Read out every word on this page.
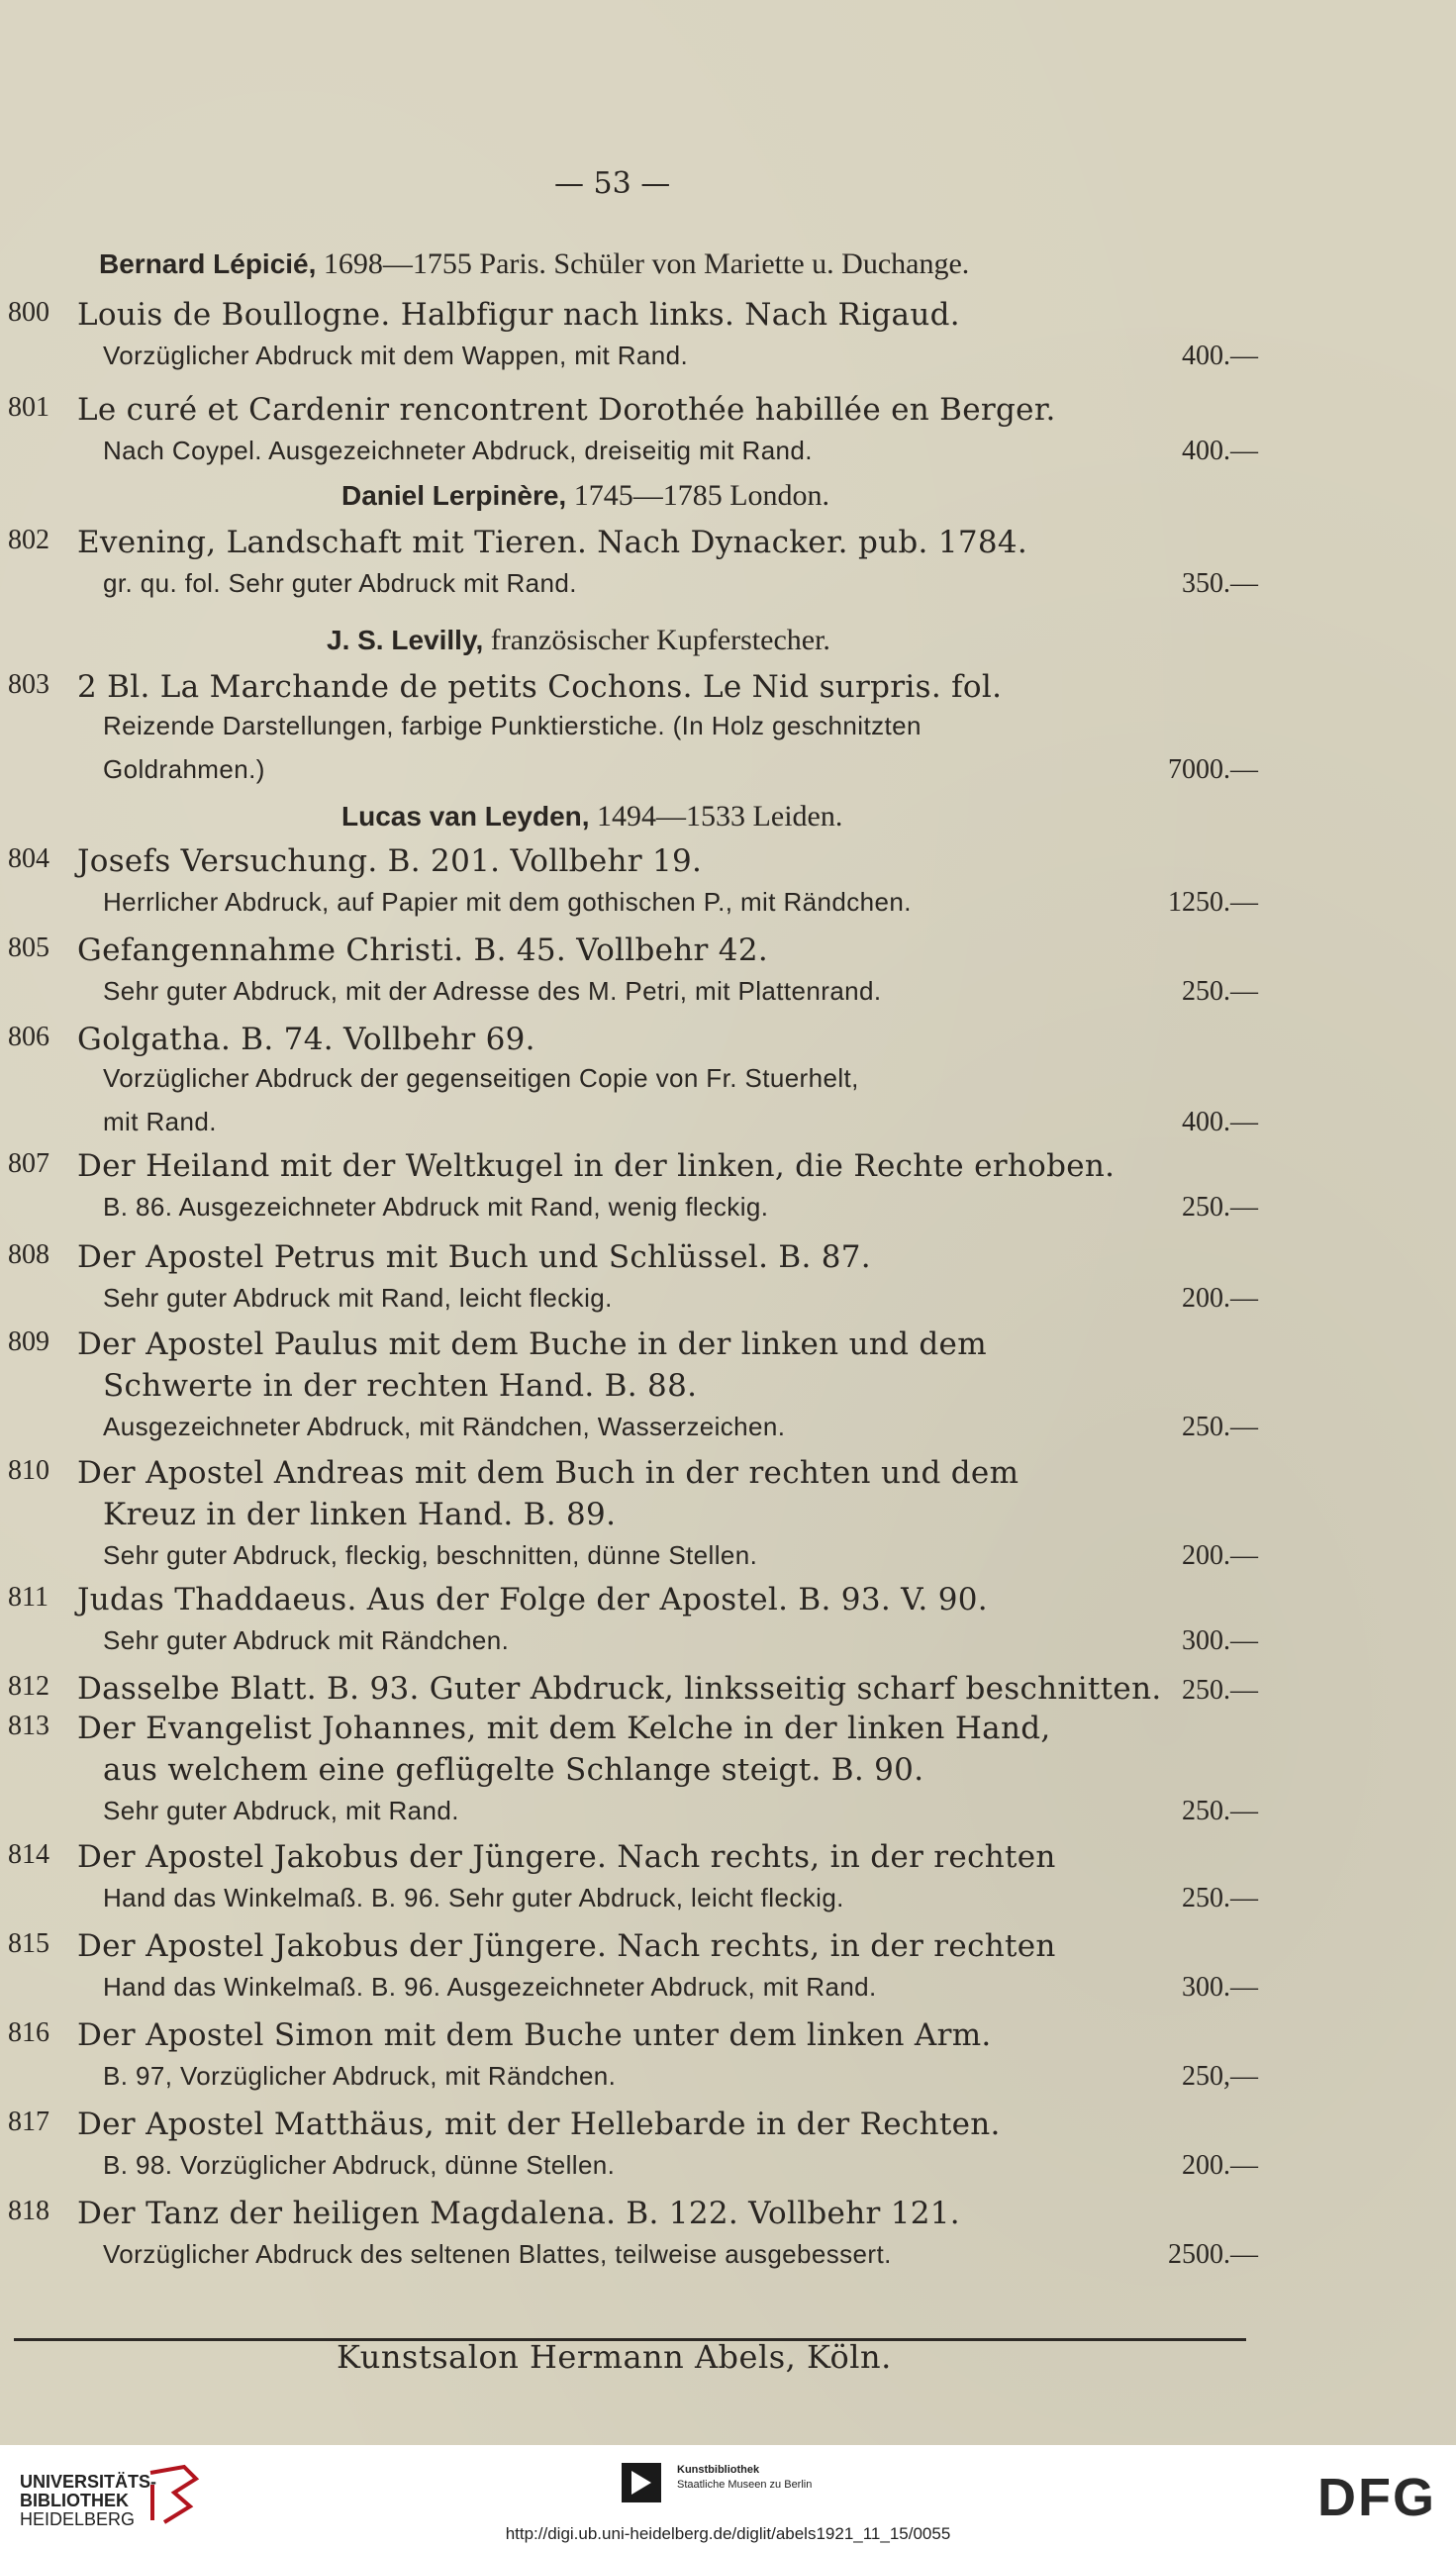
— 53 —
Bernard Lépicié, 1698—1755 Paris. Schüler von Mariette u. Duchange.
Daniel Lerpinère, 1745—1785 London.
J. S. Levilly, französischer Kupferstecher.
Lucas van Leyden, 1494—1533 Leiden.
800 Louis de Boullogne. Halbfigur nach links. Nach Rigaud.
Vorzüglicher Abdruck mit dem Wappen, mit Rand.	400.—
801 Le curé et Cardenir rencontrent Dorothée habillée en Berger.
Nach Coypel. Ausgezeichneter Abdruck, dreiseitig mit Rand.	400.—
802 Evening, Landschaft mit Tieren. Nach Dynacker. pub. 1784.
gr. qu. fol. Sehr guter Abdruck mit Rand.	350.—
803 2 Bl. La Marchande de petits Cochons. Le Nid surpris. fol.
Reizende Darstellungen, farbige Punktierstiche. (In Holz geschnitzten
Goldrahmen.)	7000.—
804 Josefs Versuchung. B. 201. Vollbehr 19.
Herrlicher Abdruck, auf Papier mit dem gothischen P., mit Rändchen.	1250.—
805 Gefangennahme Christi. B. 45. Vollbehr 42.
Sehr guter Abdruck, mit der Adresse des M. Petri, mit Plattenrand.	250.—
806 Golgatha. B. 74. Vollbehr 69.
Vorzüglicher Abdruck der gegenseitigen Copie von Fr. Stuerhelt,
mit Rand.	400.—
807 Der Heiland mit der Weltkugel in der linken, die Rechte erhoben.
B. 86. Ausgezeichneter Abdruck mit Rand, wenig fleckig.	250.—
808 Der Apostel Petrus mit Buch und Schlüssel. B. 87.
Sehr guter Abdruck mit Rand, leicht fleckig.	200.—
809 Der Apostel Paulus mit dem Buche in der linken und dem
Schwerte in der rechten Hand. B. 88.
Ausgezeichneter Abdruck, mit Rändchen, Wasserzeichen.	250.—
810 Der Apostel Andreas mit dem Buch in der rechten und dem
Kreuz in der linken Hand. B. 89.
Sehr guter Abdruck, fleckig, beschnitten, dünne Stellen.	200.—
811 Judas Thaddaeus. Aus der Folge der Apostel. B. 93. V. 90.
Sehr guter Abdruck mit Rändchen.	300.—
812 Dasselbe Blatt. B. 93. Guter Abdruck, linksseitig scharf beschnitten. 250.—
813 Der Evangelist Johannes, mit dem Kelche in der linken Hand,
aus welchem eine geflügelte Schlange steigt. B. 90.
Sehr guter Abdruck, mit Rand.	250.—
814 Der Apostel Jakobus der Jüngere. Nach rechts, in der rechten
Hand das Winkelmaß. B. 96. Sehr guter Abdruck, leicht fleckig.	250.—
815 Der Apostel Jakobus der Jüngere. Nach rechts, in der rechten
Hand das Winkelmaß. B. 96. Ausgezeichneter Abdruck, mit Rand.	300.—
816 Der Apostel Simon mit dem Buche unter dem linken Arm.
B. 97, Vorzüglicher Abdruck, mit Rändchen.	250,—
817 Der Apostel Matthäus, mit der Hellebarde in der Rechten.
B. 98. Vorzüglicher Abdruck, dünne Stellen.	200.—
818 Der Tanz der heiligen Magdalena. B. 122. Vollbehr 121.
Vorzüglicher Abdruck des seltenen Blattes, teilweise ausgebessert.	2500.—
Kunstsalon Hermann Abels, Köln.
UNIVERSITÄTS-
BIBLIOTHEK
HEIDELBERG
Kunstbibliothek
Staatliche Museen zu Berlin	DFG
http://digi.ub.uni-heidelberg.de/diglit/abels1921_11_15/0055
